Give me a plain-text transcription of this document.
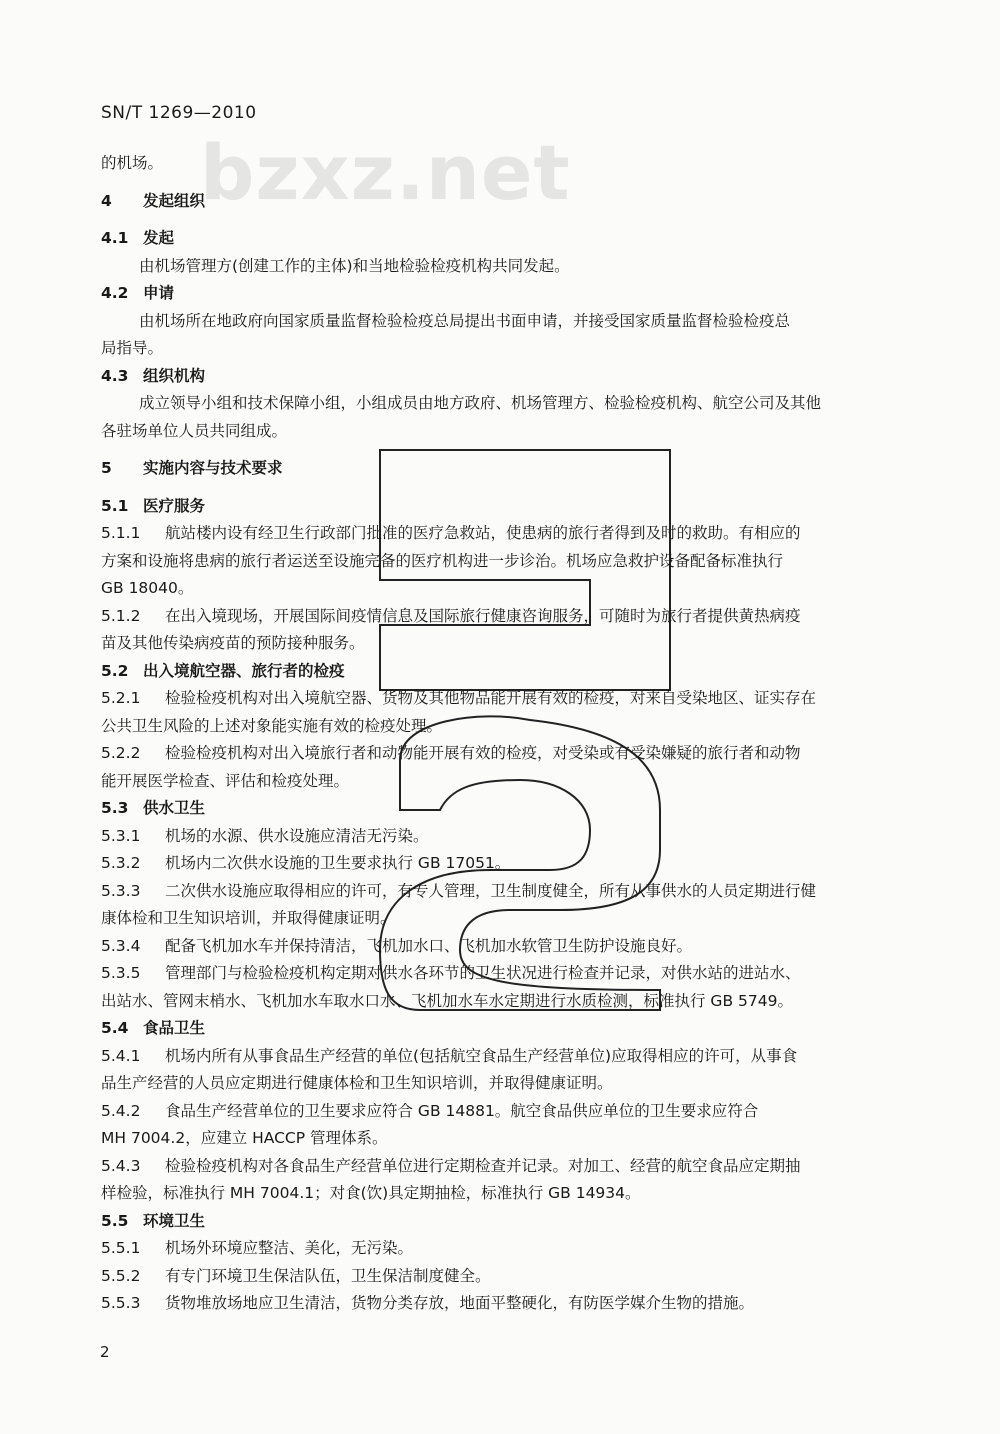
SN/T 1269—2010
bzxz.net
的机场。
4 发起组织
4.1 发起
由机场管理方(创建工作的主体)和当地检验检疫机构共同发起。
4.2 申请
由机场所在地政府向国家质量监督检验检疫总局提出书面申请，并接受国家质量监督检验检疫总
局指导。
4.3 组织机构
成立领导小组和技术保障小组，小组成员由地方政府、机场管理方、检验检疫机构、航空公司及其他
各驻场单位人员共同组成。
5 实施内容与技术要求
5.1 医疗服务
5.1.1 航站楼内设有经卫生行政部门批准的医疗急救站，使患病的旅行者得到及时的救助。有相应的
方案和设施将患病的旅行者运送至设施完备的医疗机构进一步诊治。机场应急救护设备配备标准执行
GB 18040。
5.1.2 在出入境现场，开展国际间疫情信息及国际旅行健康咨询服务，可随时为旅行者提供黄热病疫
苗及其他传染病疫苗的预防接种服务。
5.2 出入境航空器、旅行者的检疫
5.2.1 检验检疫机构对出入境航空器、货物及其他物品能开展有效的检疫，对来自受染地区、证实存在
公共卫生风险的上述对象能实施有效的检疫处理。
5.2.2 检验检疫机构对出入境旅行者和动物能开展有效的检疫，对受染或有受染嫌疑的旅行者和动物
能开展医学检查、评估和检疫处理。
5.3 供水卫生
5.3.1 机场的水源、供水设施应清洁无污染。
5.3.2 机场内二次供水设施的卫生要求执行 GB 17051。
5.3.3 二次供水设施应取得相应的许可，有专人管理，卫生制度健全，所有从事供水的人员定期进行健
康体检和卫生知识培训，并取得健康证明。
5.3.4 配备飞机加水车并保持清洁，飞机加水口、飞机加水软管卫生防护设施良好。
5.3.5 管理部门与检验检疫机构定期对供水各环节的卫生状况进行检查并记录，对供水站的进站水、
出站水、管网末梢水、飞机加水车取水口水、飞机加水车水定期进行水质检测，标准执行 GB 5749。
5.4 食品卫生
5.4.1 机场内所有从事食品生产经营的单位(包括航空食品生产经营单位)应取得相应的许可，从事食
品生产经营的人员应定期进行健康体检和卫生知识培训，并取得健康证明。
5.4.2 食品生产经营单位的卫生要求应符合 GB 14881。航空食品供应单位的卫生要求应符合
MH 7004.2，应建立 HACCP 管理体系。
5.4.3 检验检疫机构对各食品生产经营单位进行定期检查并记录。对加工、经营的航空食品应定期抽
样检验，标准执行 MH 7004.1；对食(饮)具定期抽检，标准执行 GB 14934。
5.5 环境卫生
5.5.1 机场外环境应整洁、美化，无污染。
5.5.2 有专门环境卫生保洁队伍，卫生保洁制度健全。
5.5.3 货物堆放场地应卫生清洁，货物分类存放，地面平整硬化，有防医学媒介生物的措施。
2
